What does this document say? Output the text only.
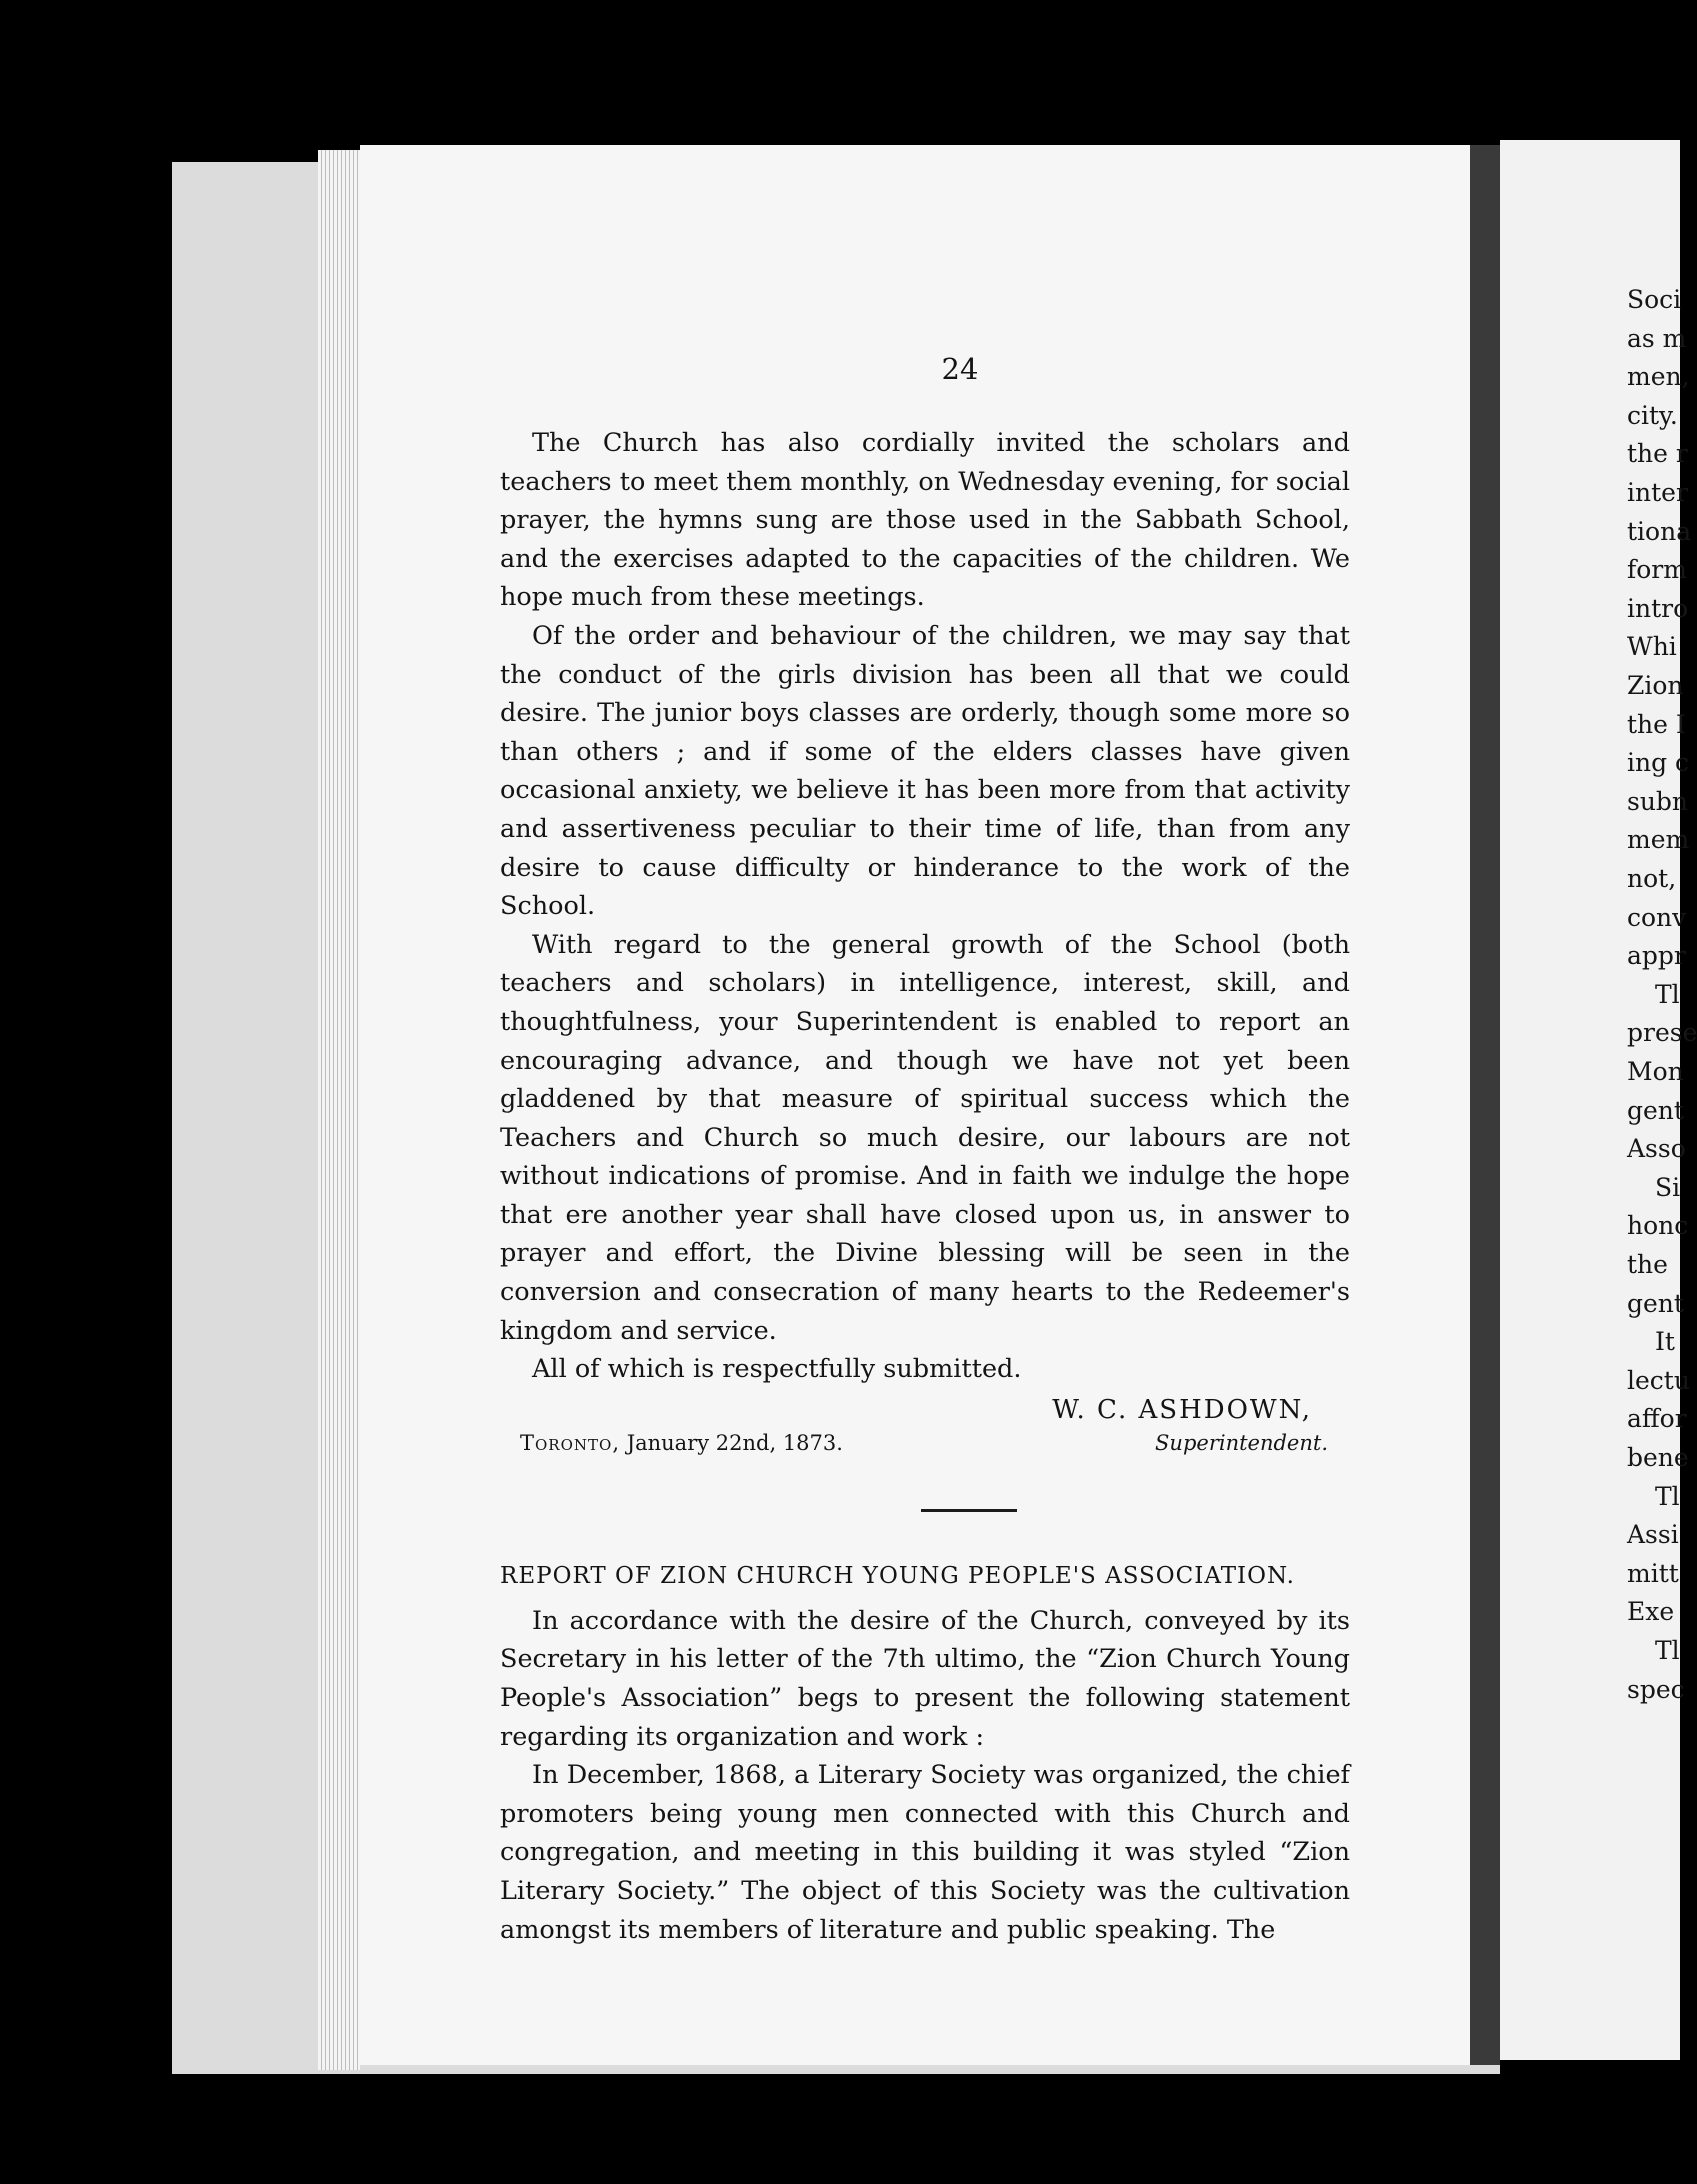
24

The Church has also cordially invited the scholars and teachers to meet them monthly, on Wednesday evening, for social prayer, the hymns sung are those used in the Sabbath School, and the exercises adapted to the capacities of the children. We hope much from these meetings.

Of the order and behaviour of the children, we may say that the conduct of the girls division has been all that we could desire. The junior boys classes are orderly, though some more so than others ; and if some of the elders classes have given occasional anxiety, we believe it has been more from that activity and assertiveness peculiar to their time of life, than from any desire to cause difficulty or hinderance to the work of the School.

With regard to the general growth of the School (both teachers and scholars) in intelligence, interest, skill, and thoughtfulness, your Superintendent is enabled to report an encouraging advance, and though we have not yet been gladdened by that measure of spiritual success which the Teachers and Church so much desire, our labours are not without indications of promise. And in faith we indulge the hope that ere another year shall have closed upon us, in answer to prayer and effort, the Divine blessing will be seen in the conversion and consecration of many hearts to the Redeemer's kingdom and service.

All of which is respectfully submitted.

W. C. ASHDOWN,
Toronto, January 22nd, 1873.	Superintendent.
REPORT OF ZION CHURCH YOUNG PEOPLE'S ASSOCIATION.

In accordance with the desire of the Church, conveyed by its Secretary in his letter of the 7th ultimo, the “Zion Church Young People's Association” begs to present the following statement regarding its organization and work :

In December, 1868, a Literary Society was organized, the chief promoters being young men connected with this Church and congregation, and meeting in this building it was styled “Zion Literary Society.” The object of this Society was the cultivation amongst its members of literature and public speaking. The

Soci
as m
men,
city.
the r
inter
tiona
form
intro
Whi
Zion
the I
ing c
subn
mem
not,
conv
appr
Tl
prese
Mon
gent
Asso
Si
honc
the
gent
It
lectu
affor
bene
Tl
Assi
mitt
Exe
Tl
spec
